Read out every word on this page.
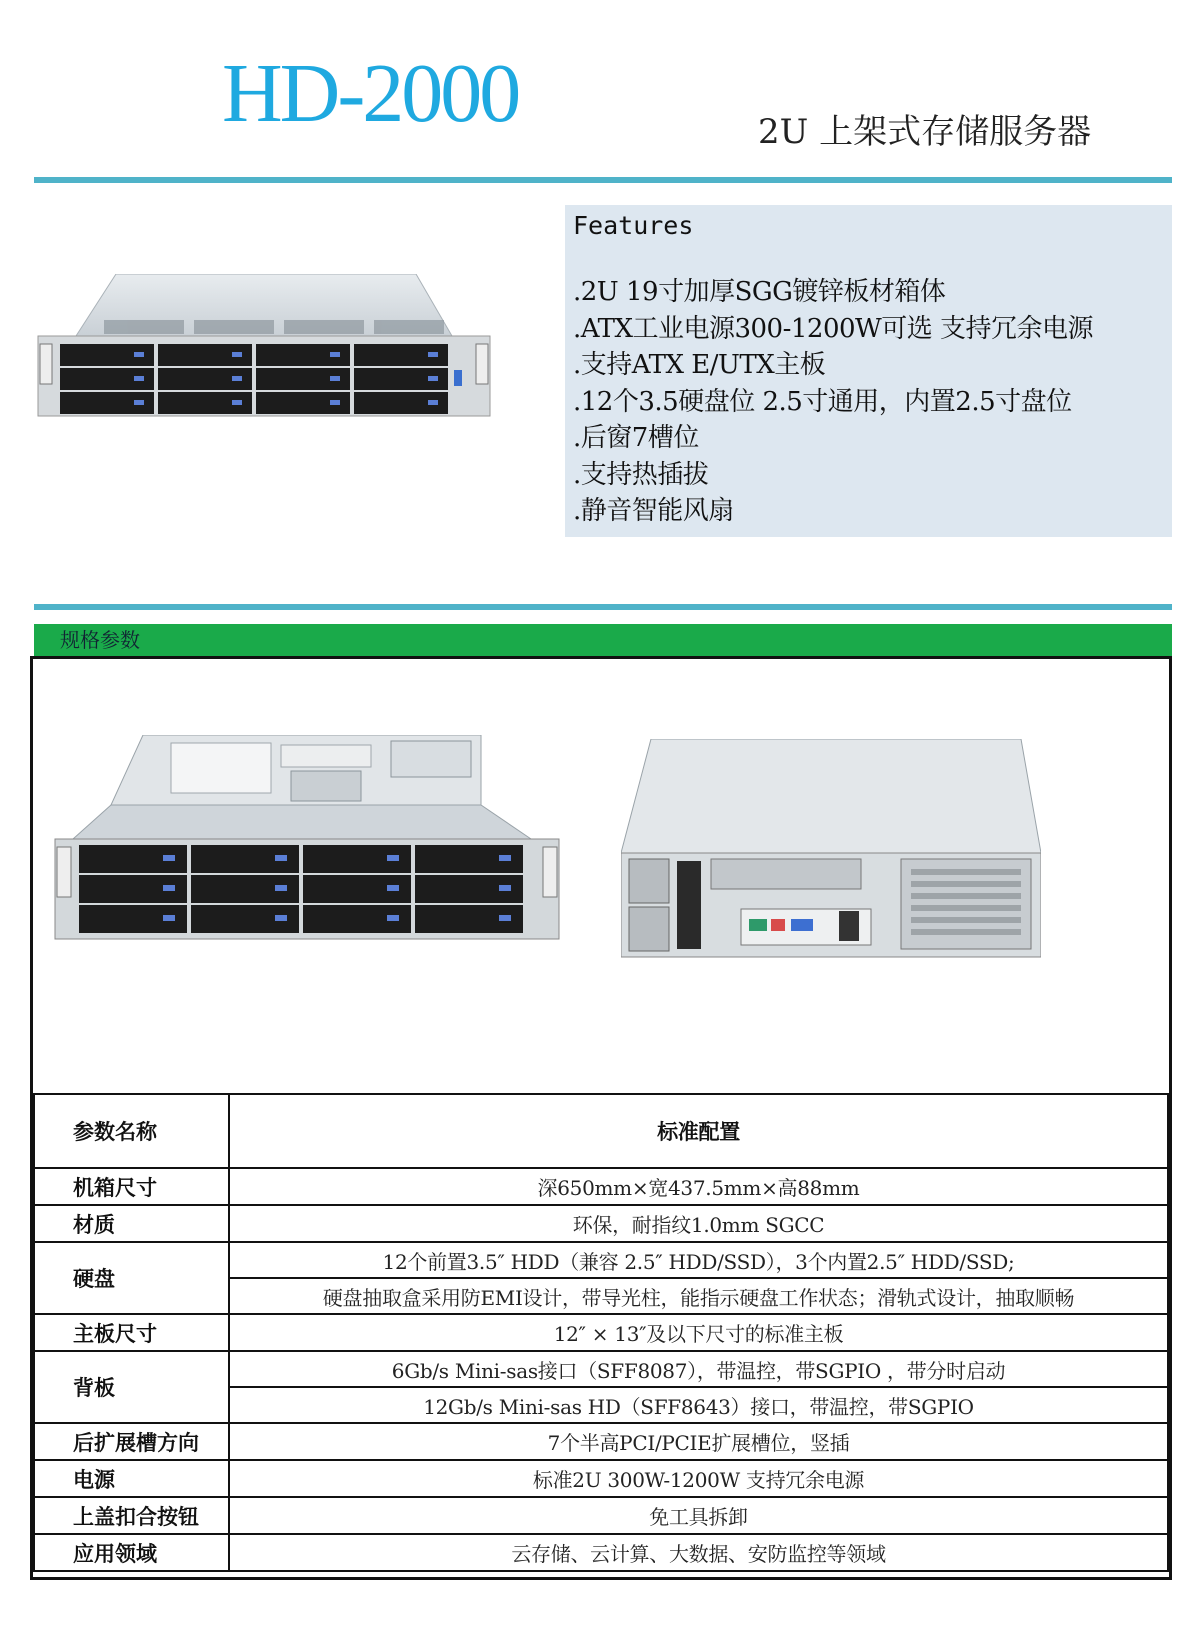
HD-2000	2U 上架式存储服务器
Features
.2U 19寸加厚SGG镀锌板材箱体
.ATX工业电源300-1200W可选 支持冗余电源
.支持ATX E/UTX主板
.12个3.5硬盘位 2.5寸通用，内置2.5寸盘位
.后窗7槽位
.支持热插拔
.静音智能风扇
规格参数
参数名称	标准配置
机箱尺寸	深650mm×宽437.5mm×高88mm
材质	环保，耐指纹1.0mm SGCC
硬盘	12个前置3.5″ HDD（兼容 2.5″ HDD/SSD），3个内置2.5″ HDD/SSD;
	硬盘抽取盒采用防EMI设计，带导光柱，能指示硬盘工作状态；滑轨式设计，抽取顺畅
主板尺寸	12″ × 13″及以下尺寸的标准主板
背板	6Gb/s Mini-sas接口（SFF8087），带温控，带SGPIO ，带分时启动
	12Gb/s Mini-sas HD（SFF8643）接口，带温控，带SGPIO
后扩展槽方向	7个半高PCI/PCIE扩展槽位，竖插
电源	标准2U 300W-1200W 支持冗余电源
上盖扣合按钮	免工具拆卸
应用领域	云存储、云计算、大数据、安防监控等领域
